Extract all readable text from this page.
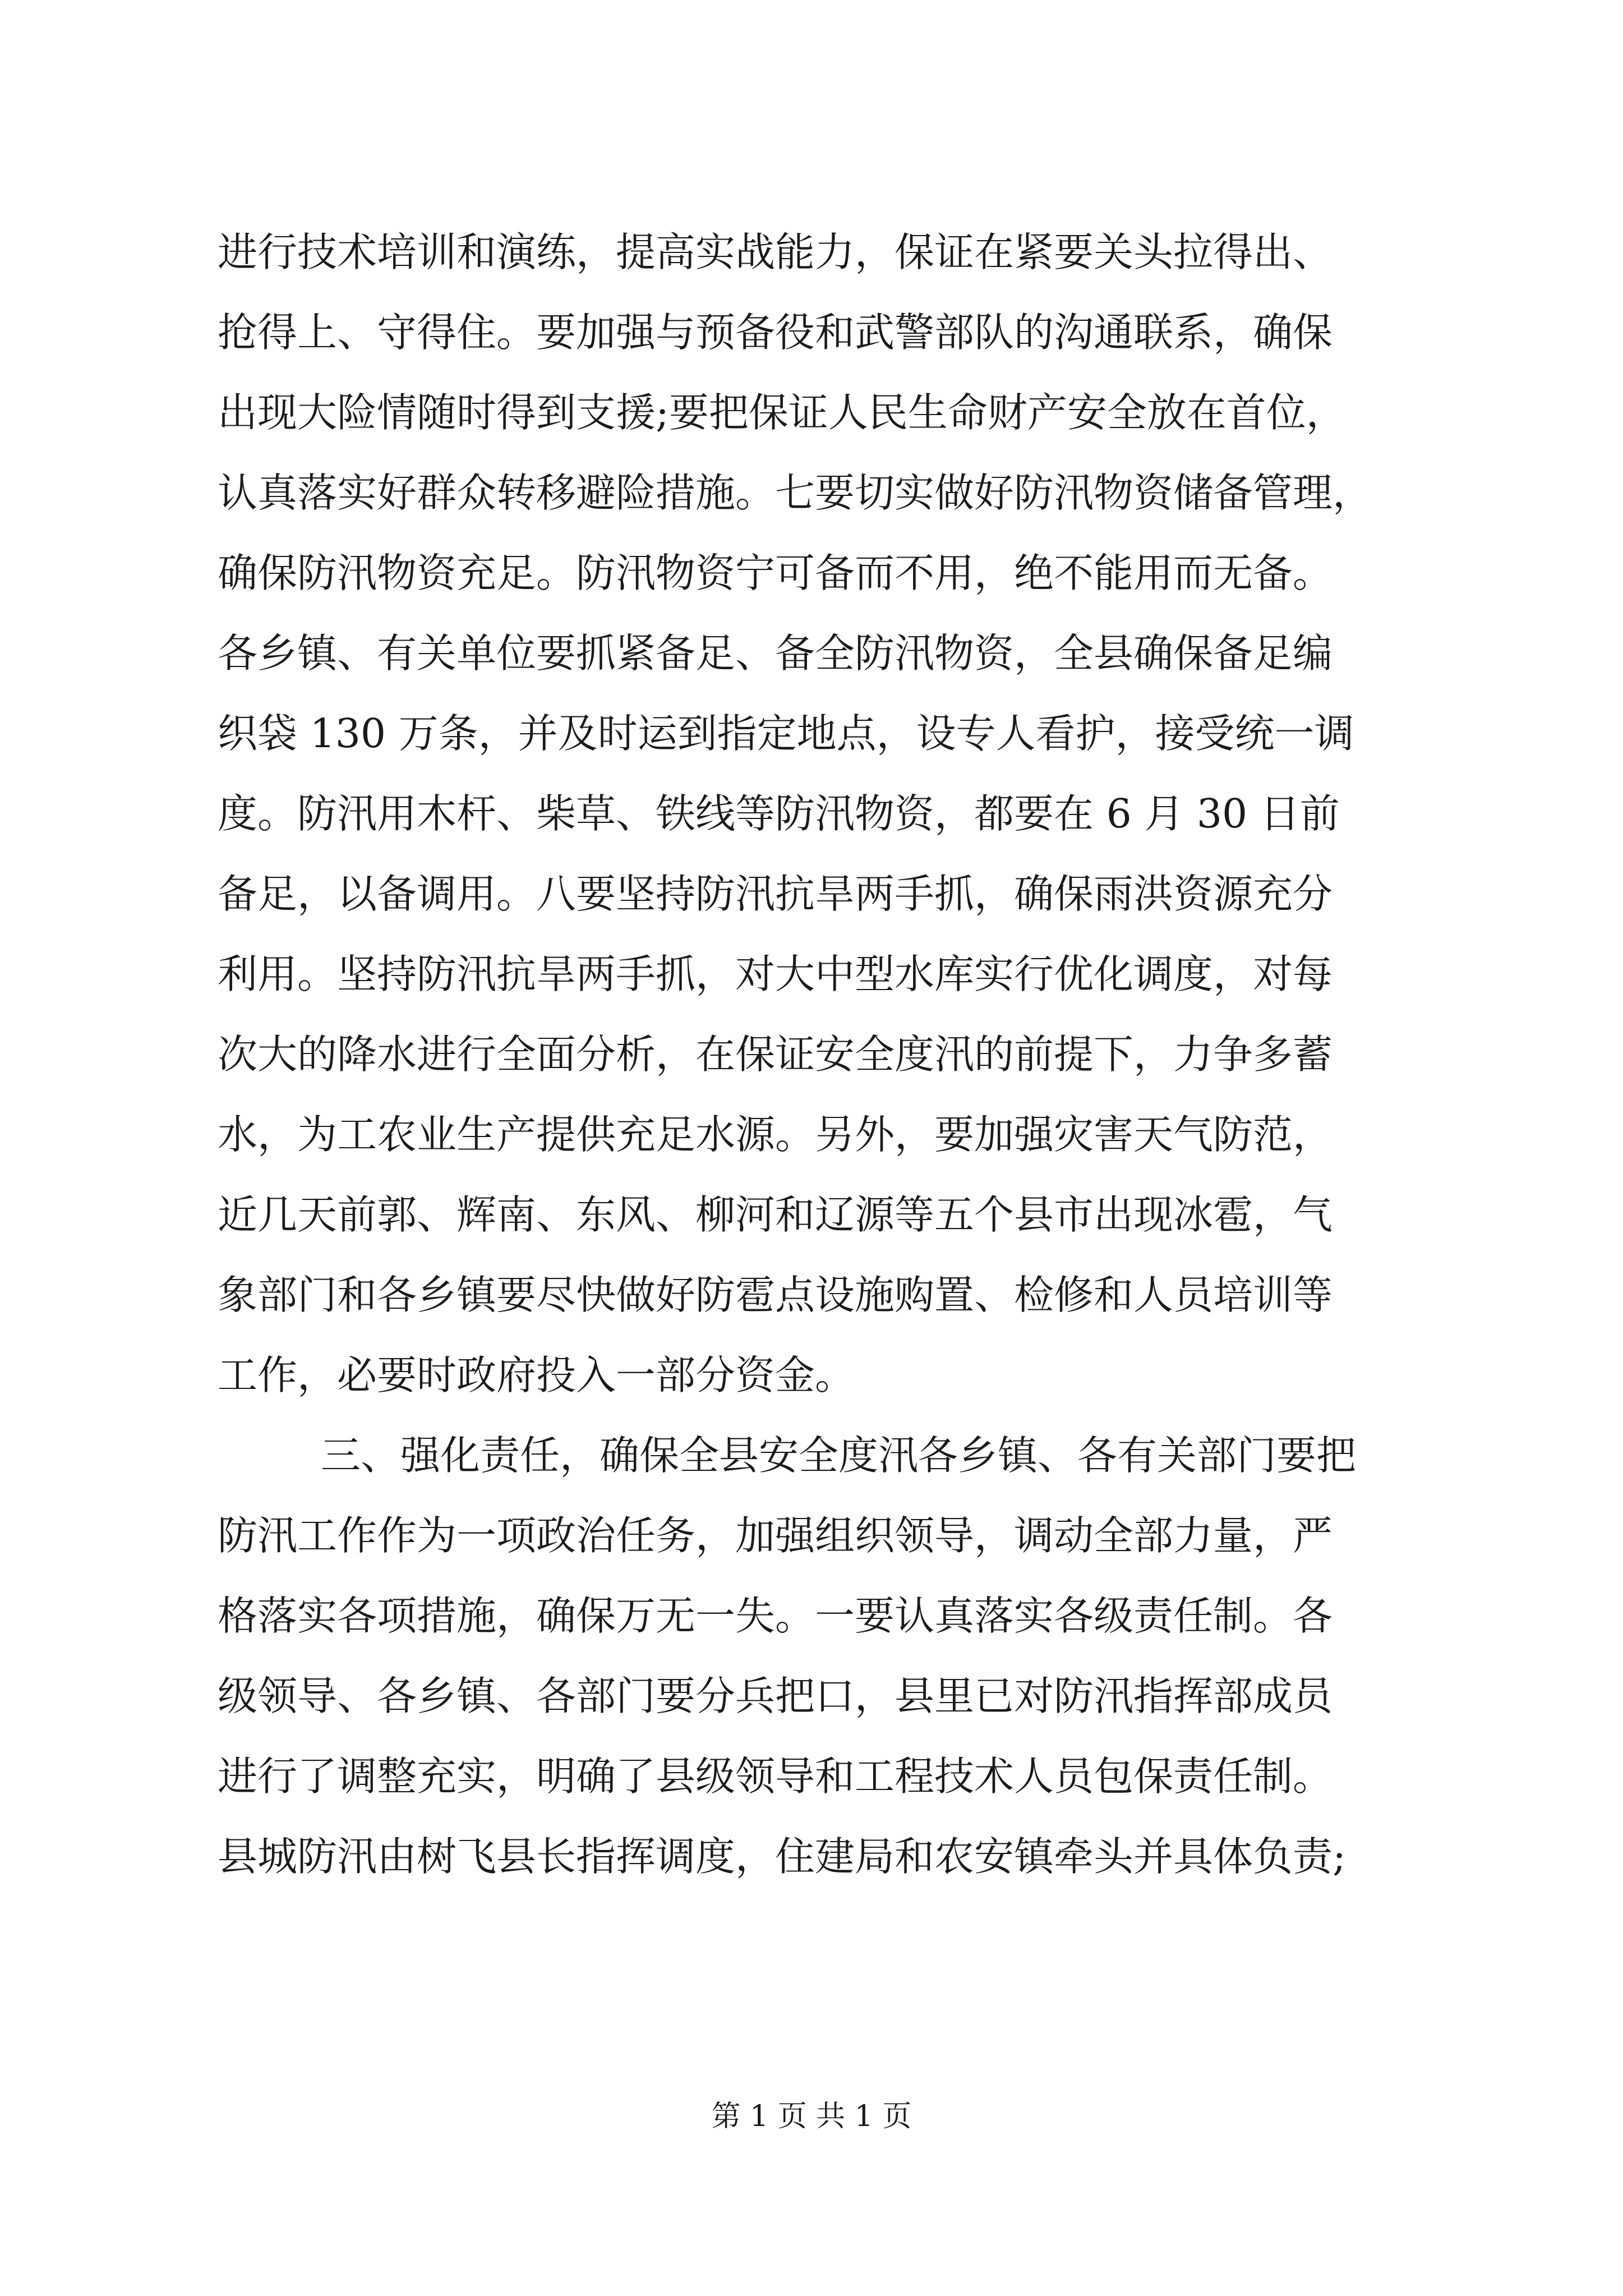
进行技术培训和演练，提高实战能力，保证在紧要关头拉得出、
抢得上、守得住。要加强与预备役和武警部队的沟通联系，确保
出现大险情随时得到支援;要把保证人民生命财产安全放在首位，
认真落实好群众转移避险措施。七要切实做好防汛物资储备管理，
确保防汛物资充足。防汛物资宁可备而不用，绝不能用而无备。
各乡镇、有关单位要抓紧备足、备全防汛物资，全县确保备足编
织袋 130 万条，并及时运到指定地点，设专人看护，接受统一调
度。防汛用木杆、柴草、铁线等防汛物资，都要在 6 月 30 日前
备足，以备调用。八要坚持防汛抗旱两手抓，确保雨洪资源充分
利用。坚持防汛抗旱两手抓，对大中型水库实行优化调度，对每
次大的降水进行全面分析，在保证安全度汛的前提下，力争多蓄
水，为工农业生产提供充足水源。另外，要加强灾害天气防范，
近几天前郭、辉南、东风、柳河和辽源等五个县市出现冰雹，气
象部门和各乡镇要尽快做好防雹点设施购置、检修和人员培训等
工作，必要时政府投入一部分资金。
三、强化责任，确保全县安全度汛各乡镇、各有关部门要把
防汛工作作为一项政治任务，加强组织领导，调动全部力量，严
格落实各项措施，确保万无一失。一要认真落实各级责任制。各
级领导、各乡镇、各部门要分兵把口，县里已对防汛指挥部成员
进行了调整充实，明确了县级领导和工程技术人员包保责任制。
县城防汛由树飞县长指挥调度，住建局和农安镇牵头并具体负责;
第 1 页 共 1 页
